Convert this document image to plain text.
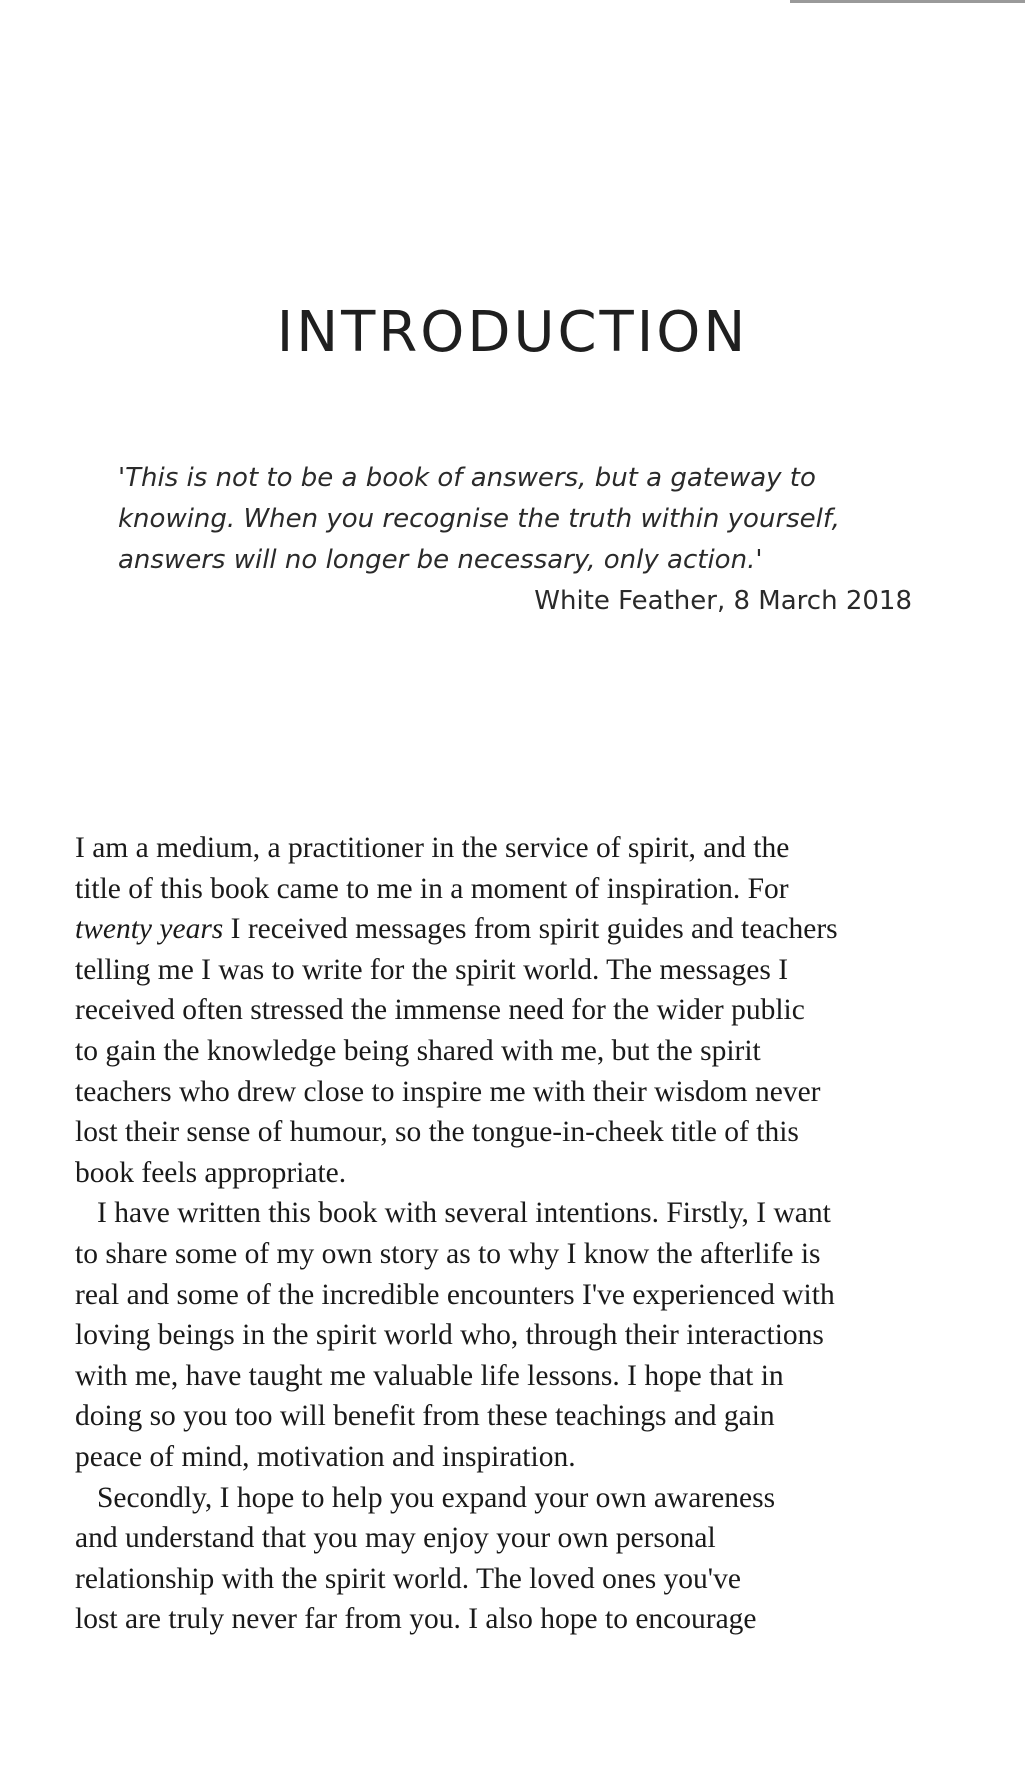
INTRODUCTION
'This is not to be a book of answers, but a gateway to
knowing. When you recognise the truth within yourself,
answers will no longer be necessary, only action.'
White Feather, 8 March 2018
I am a medium, a practitioner in the service of spirit, and the
title of this book came to me in a moment of inspiration. For
twenty years I received messages from spirit guides and teachers
telling me I was to write for the spirit world. The messages I
received often stressed the immense need for the wider public
to gain the knowledge being shared with me, but the spirit
teachers who drew close to inspire me with their wisdom never
lost their sense of humour, so the tongue-in-cheek title of this
book feels appropriate.
I have written this book with several intentions. Firstly, I want
to share some of my own story as to why I know the afterlife is
real and some of the incredible encounters I've experienced with
loving beings in the spirit world who, through their interactions
with me, have taught me valuable life lessons. I hope that in
doing so you too will benefit from these teachings and gain
peace of mind, motivation and inspiration.
Secondly, I hope to help you expand your own awareness
and understand that you may enjoy your own personal
relationship with the spirit world. The loved ones you've
lost are truly never far from you. I also hope to encourage
